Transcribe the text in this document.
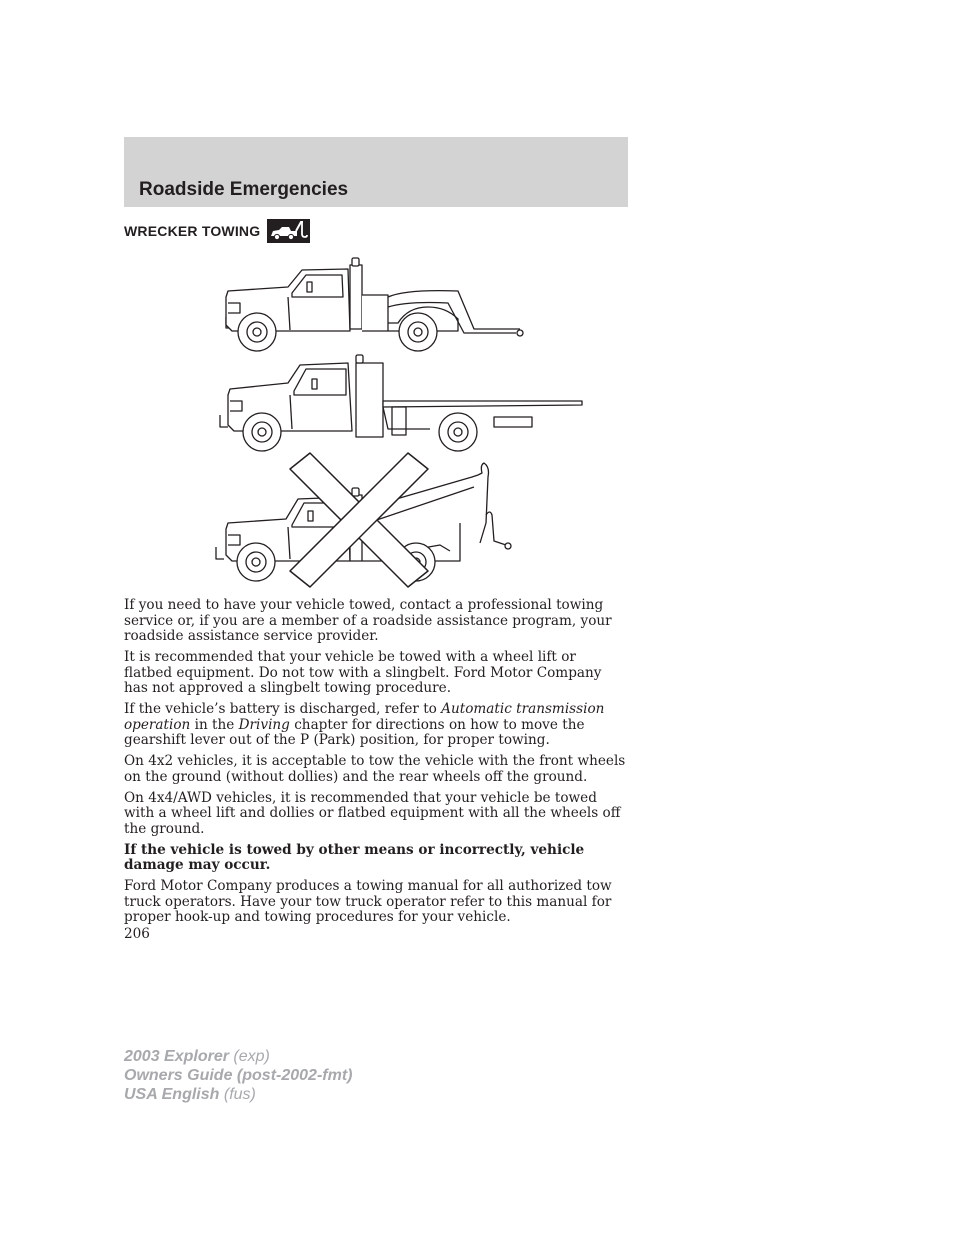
Roadside Emergencies
WRECKER TOWING

If you need to have your vehicle towed, contact a professional towing service or, if you are a member of a roadside assistance program, your roadside assistance service provider.

It is recommended that your vehicle be towed with a wheel lift or flatbed equipment. Do not tow with a slingbelt. Ford Motor Company has not approved a slingbelt towing procedure.

If the vehicle’s battery is discharged, refer to Automatic transmission operation in the Driving chapter for directions on how to move the gearshift lever out of the P (Park) position, for proper towing.

On 4x2 vehicles, it is acceptable to tow the vehicle with the front wheels on the ground (without dollies) and the rear wheels off the ground.

On 4x4/AWD vehicles, it is recommended that your vehicle be towed with a wheel lift and dollies or flatbed equipment with all the wheels off the ground.

If the vehicle is towed by other means or incorrectly, vehicle damage may occur.

Ford Motor Company produces a towing manual for all authorized tow truck operators. Have your tow truck operator refer to this manual for proper hook-up and towing procedures for your vehicle.

206
2003 Explorer (exp)
Owners Guide (post-2002-fmt)
USA English (fus)
